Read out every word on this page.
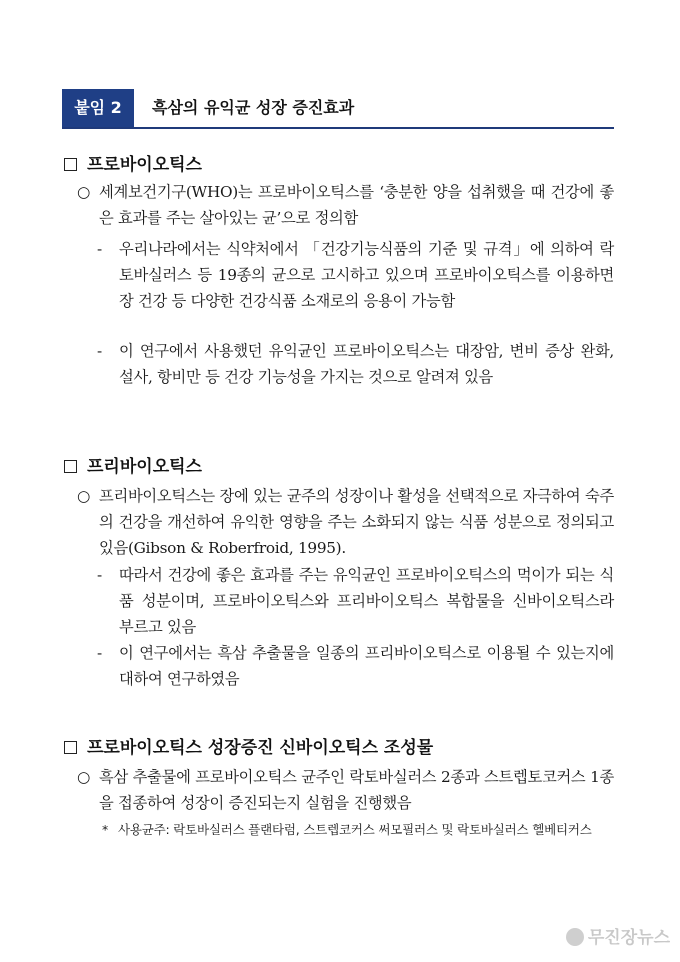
붙임 2	흑삼의 유익균 성장 증진효과
프로바이오틱스
○ 세계보건기구(WHO)는 프로바이오틱스를 ‘충분한 양을 섭취했을 때 건강에 좋은 효과를 주는 살아있는 균’으로 정의함
- 우리나라에서는 식약처에서 「건강기능식품의 기준 및 규격」에 의하여 락토바실러스 등 19종의 균으로 고시하고 있으며 프로바이오틱스를 이용하면 장 건강 등 다양한 건강식품 소재로의 응용이 가능함
- 이 연구에서 사용했던 유익균인 프로바이오틱스는 대장암, 변비 증상 완화, 설사, 항비만 등 건강 기능성을 가지는 것으로 알려져 있음
프리바이오틱스
○ 프리바이오틱스는 장에 있는 균주의 성장이나 활성을 선택적으로 자극하여 숙주의 건강을 개선하여 유익한 영향을 주는 소화되지 않는 식품 성분으로 정의되고 있음(Gibson & Roberfroid, 1995).
- 따라서 건강에 좋은 효과를 주는 유익균인 프로바이오틱스의 먹이가 되는 식품 성분이며, 프로바이오틱스와 프리바이오틱스 복합물을 신바이오틱스라 부르고 있음
- 이 연구에서는 흑삼 추출물을 일종의 프리바이오틱스로 이용될 수 있는지에 대하여 연구하였음
프로바이오틱스 성장증진 신바이오틱스 조성물
○ 흑삼 추출물에 프로바이오틱스 균주인 락토바실러스 2종과 스트렙토코커스 1종을 접종하여 성장이 증진되는지 실험을 진행했음
* 사용균주: 락토바실러스 플랜타럼, 스트렙코커스 써모필러스 및 락토바실러스 헬베티커스
무진장뉴스
